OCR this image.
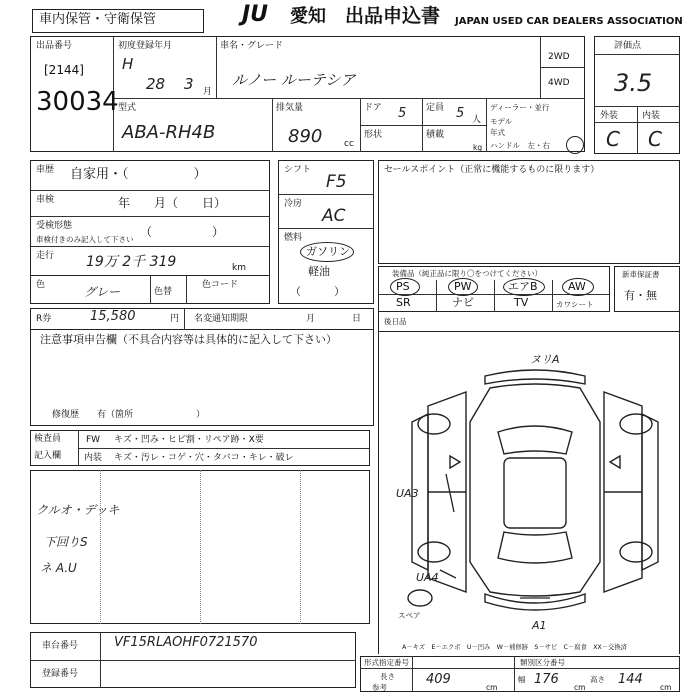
車内保管・守衛保管	JU 愛知 出品申込書 JAPAN USED CAR DEALERS ASSOCIATION
出品番号
[2144]
30034
初度登録年月
H
28 3 月
車名・グレード
ルノー ルーテシア
2WD
4WD
評価点
3.5
外装	内装
C C
型式
ABA-RH4B
排気量
890 cc
ドア 5 定員 5 人
形状	積載
kg
ディーラー・並行
モデル
年式
ハンドル　左・右
車歴 自家用・（　　　　　）
車検	年　　月（　　日）
受検形態
車検付きのみ記入して下さい
（　　　　　）
走行 19万 2千 319	km
色	グレー	色替
色コード
シフト
F5
冷房
AC
燃料
ガソリン
軽油
（　　　）
セールスポイント（正常に機能するものに限ります）
装備品（純正品に限り〇をつけてください）
PS	PW	エアB	AW
SR	ナビ	TV	カワシート
新車保証書
有・無
R券	15,580	円 名変通知期限	月	日	後日品
注意事項申告欄（不具合内容等は具体的に記入して下さい）
修復歴　　有（箇所　　　　　　　）
検査員
記入欄
FW キズ・凹み・ヒビ割・リペア跡・X要
内装 キズ・汚レ・コゲ・穴・タバコ・キレ・破レ
クルオ・デッキ
下回りS
ネ A.U
ヌリA
UA3
UA4
A1
スペア
A－キズ　E－エクボ　U－凹み　W－補修跡　S－サビ　C－腐食　XX－交換済
車台番号	VF15RLAOHF0721570
登録番号
形式指定番号	類別区分番号
長さ
参考
409
cm
幅 176
cm
高さ 144
cm
